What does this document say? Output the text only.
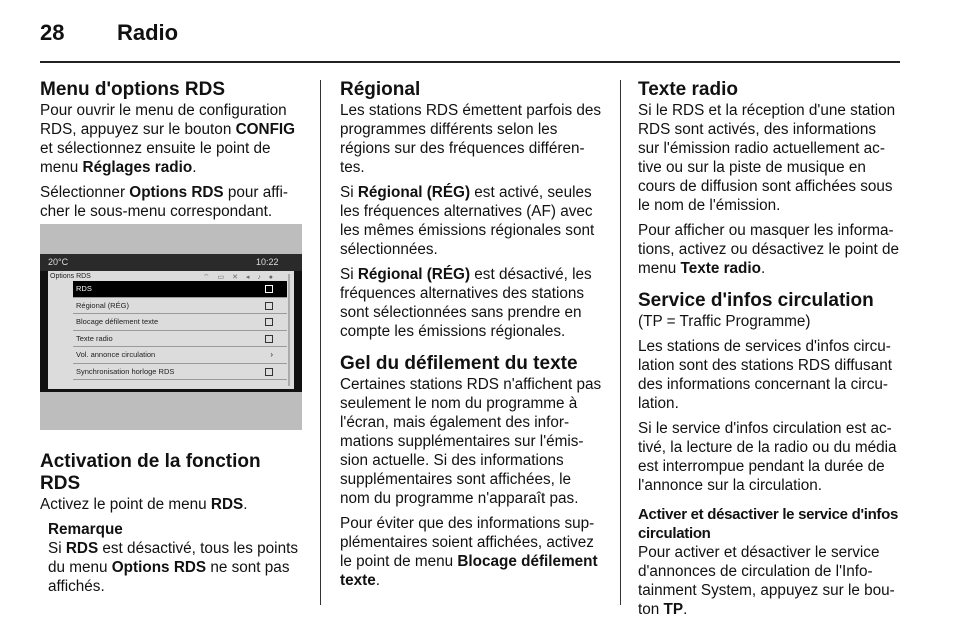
28 Radio
Menu d'options RDS

Pour ouvrir le menu de configuration RDS, appuyez sur le bouton CONFIG et sélectionnez ensuite le point de menu Réglages radio.

Sélectionner Options RDS pour affi-cher le sous-menu correspondant.

20°C	10:22
Options RDS	⌔ ▭ ✕ ◂ ♪ ●
RDS
Régional (RÉG)
Blocage défilement texte
Texte radio
Vol. annonce circulation	›
Synchronisation horloge RDS
Activation de la fonction RDS

Activez le point de menu RDS.

Remarque
Si RDS est désactivé, tous les points du menu Options RDS ne sont pas affichés.
Régional

Les stations RDS émettent parfois des programmes différents selon les régions sur des fréquences différen-tes.

Si Régional (RÉG) est activé, seules les fréquences alternatives (AF) avec les mêmes émissions régionales sont sélectionnées.

Si Régional (RÉG) est désactivé, les fréquences alternatives des stations sont sélectionnées sans prendre en compte les émissions régionales.

Gel du défilement du texte

Certaines stations RDS n'affichent pas seulement le nom du programme à l'écran, mais également des infor-mations supplémentaires sur l'émis-sion actuelle. Si des informations supplémentaires sont affichées, le nom du programme n'apparaît pas.

Pour éviter que des informations sup-plémentaires soient affichées, activez le point de menu Blocage défilement texte.

Texte radio

Si le RDS et la réception d'une station RDS sont activés, des informations sur l'émission radio actuellement ac-tive ou sur la piste de musique en cours de diffusion sont affichées sous le nom de l'émission.

Pour afficher ou masquer les informa-tions, activez ou désactivez le point de menu Texte radio.

Service d'infos circulation

(TP = Traffic Programme)

Les stations de services d'infos circu-lation sont des stations RDS diffusant des informations concernant la circu-lation.

Si le service d'infos circulation est ac-tivé, la lecture de la radio ou du média est interrompue pendant la durée de l'annonce sur la circulation.

Activer et désactiver le service d'infos circulation

Pour activer et désactiver le service d'annonces de circulation de l'Info-tainment System, appuyez sur le bou-ton TP.
